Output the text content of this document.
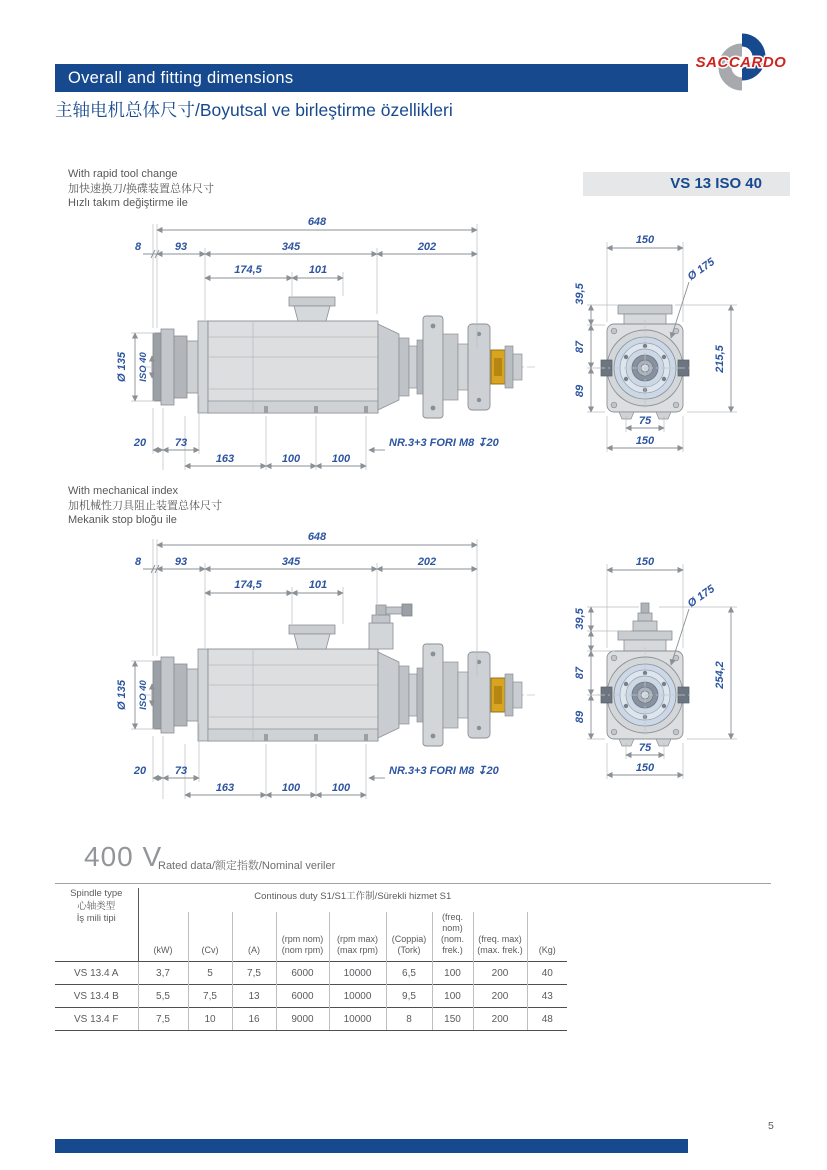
Overall and fitting dimensions
SACCARDO
主轴电机总体尺寸/Boyutsal ve birleştirme özellikleri
With rapid tool change
加快速换刀/换碟装置总体尺寸
Hızlı takım değiştirme ile
VS 13 ISO 40
648
8	93	345	202
174,5	101
Ø 135 ISO 40
20	73
163	100	100
NR.3+3 FORI M8 ↧20
150
39,5
87
89
Ø 175
215,5
75
150
With mechanical index
加机械性刀具阻止装置总体尺寸
Mekanik stop bloğu ile
648
8	93	345	202
174,5	101
Ø 135 ISO 40
20	73
163	100	100
NR.3+3 FORI M8 ↧20
150
39,5
87
89
Ø 175
254,2
75
150
400 V
Rated data/额定指数/Nominal veriler
Spindle type
心轴类型
İş mili tipi	Continous duty S1/S1工作制/Sürekli hizmet S1								

(kW)	(Cv)	(A)

(rpm nom)
(nom rpm)

(rpm max)
(max rpm)

(Coppia)
(Tork)

(freq. nom)
(nom. frek.)

(freq. max)
(max. frek.)	(Kg)

VS 13.4 A	3,7	5	7,5	6000	10000	6,5	100	200	40
VS 13.4 B	5,5	7,5	13	6000	10000	9,5	100	200	43
VS 13.4 F	7,5	10	16	9000	10000	8	150	200	48
5
